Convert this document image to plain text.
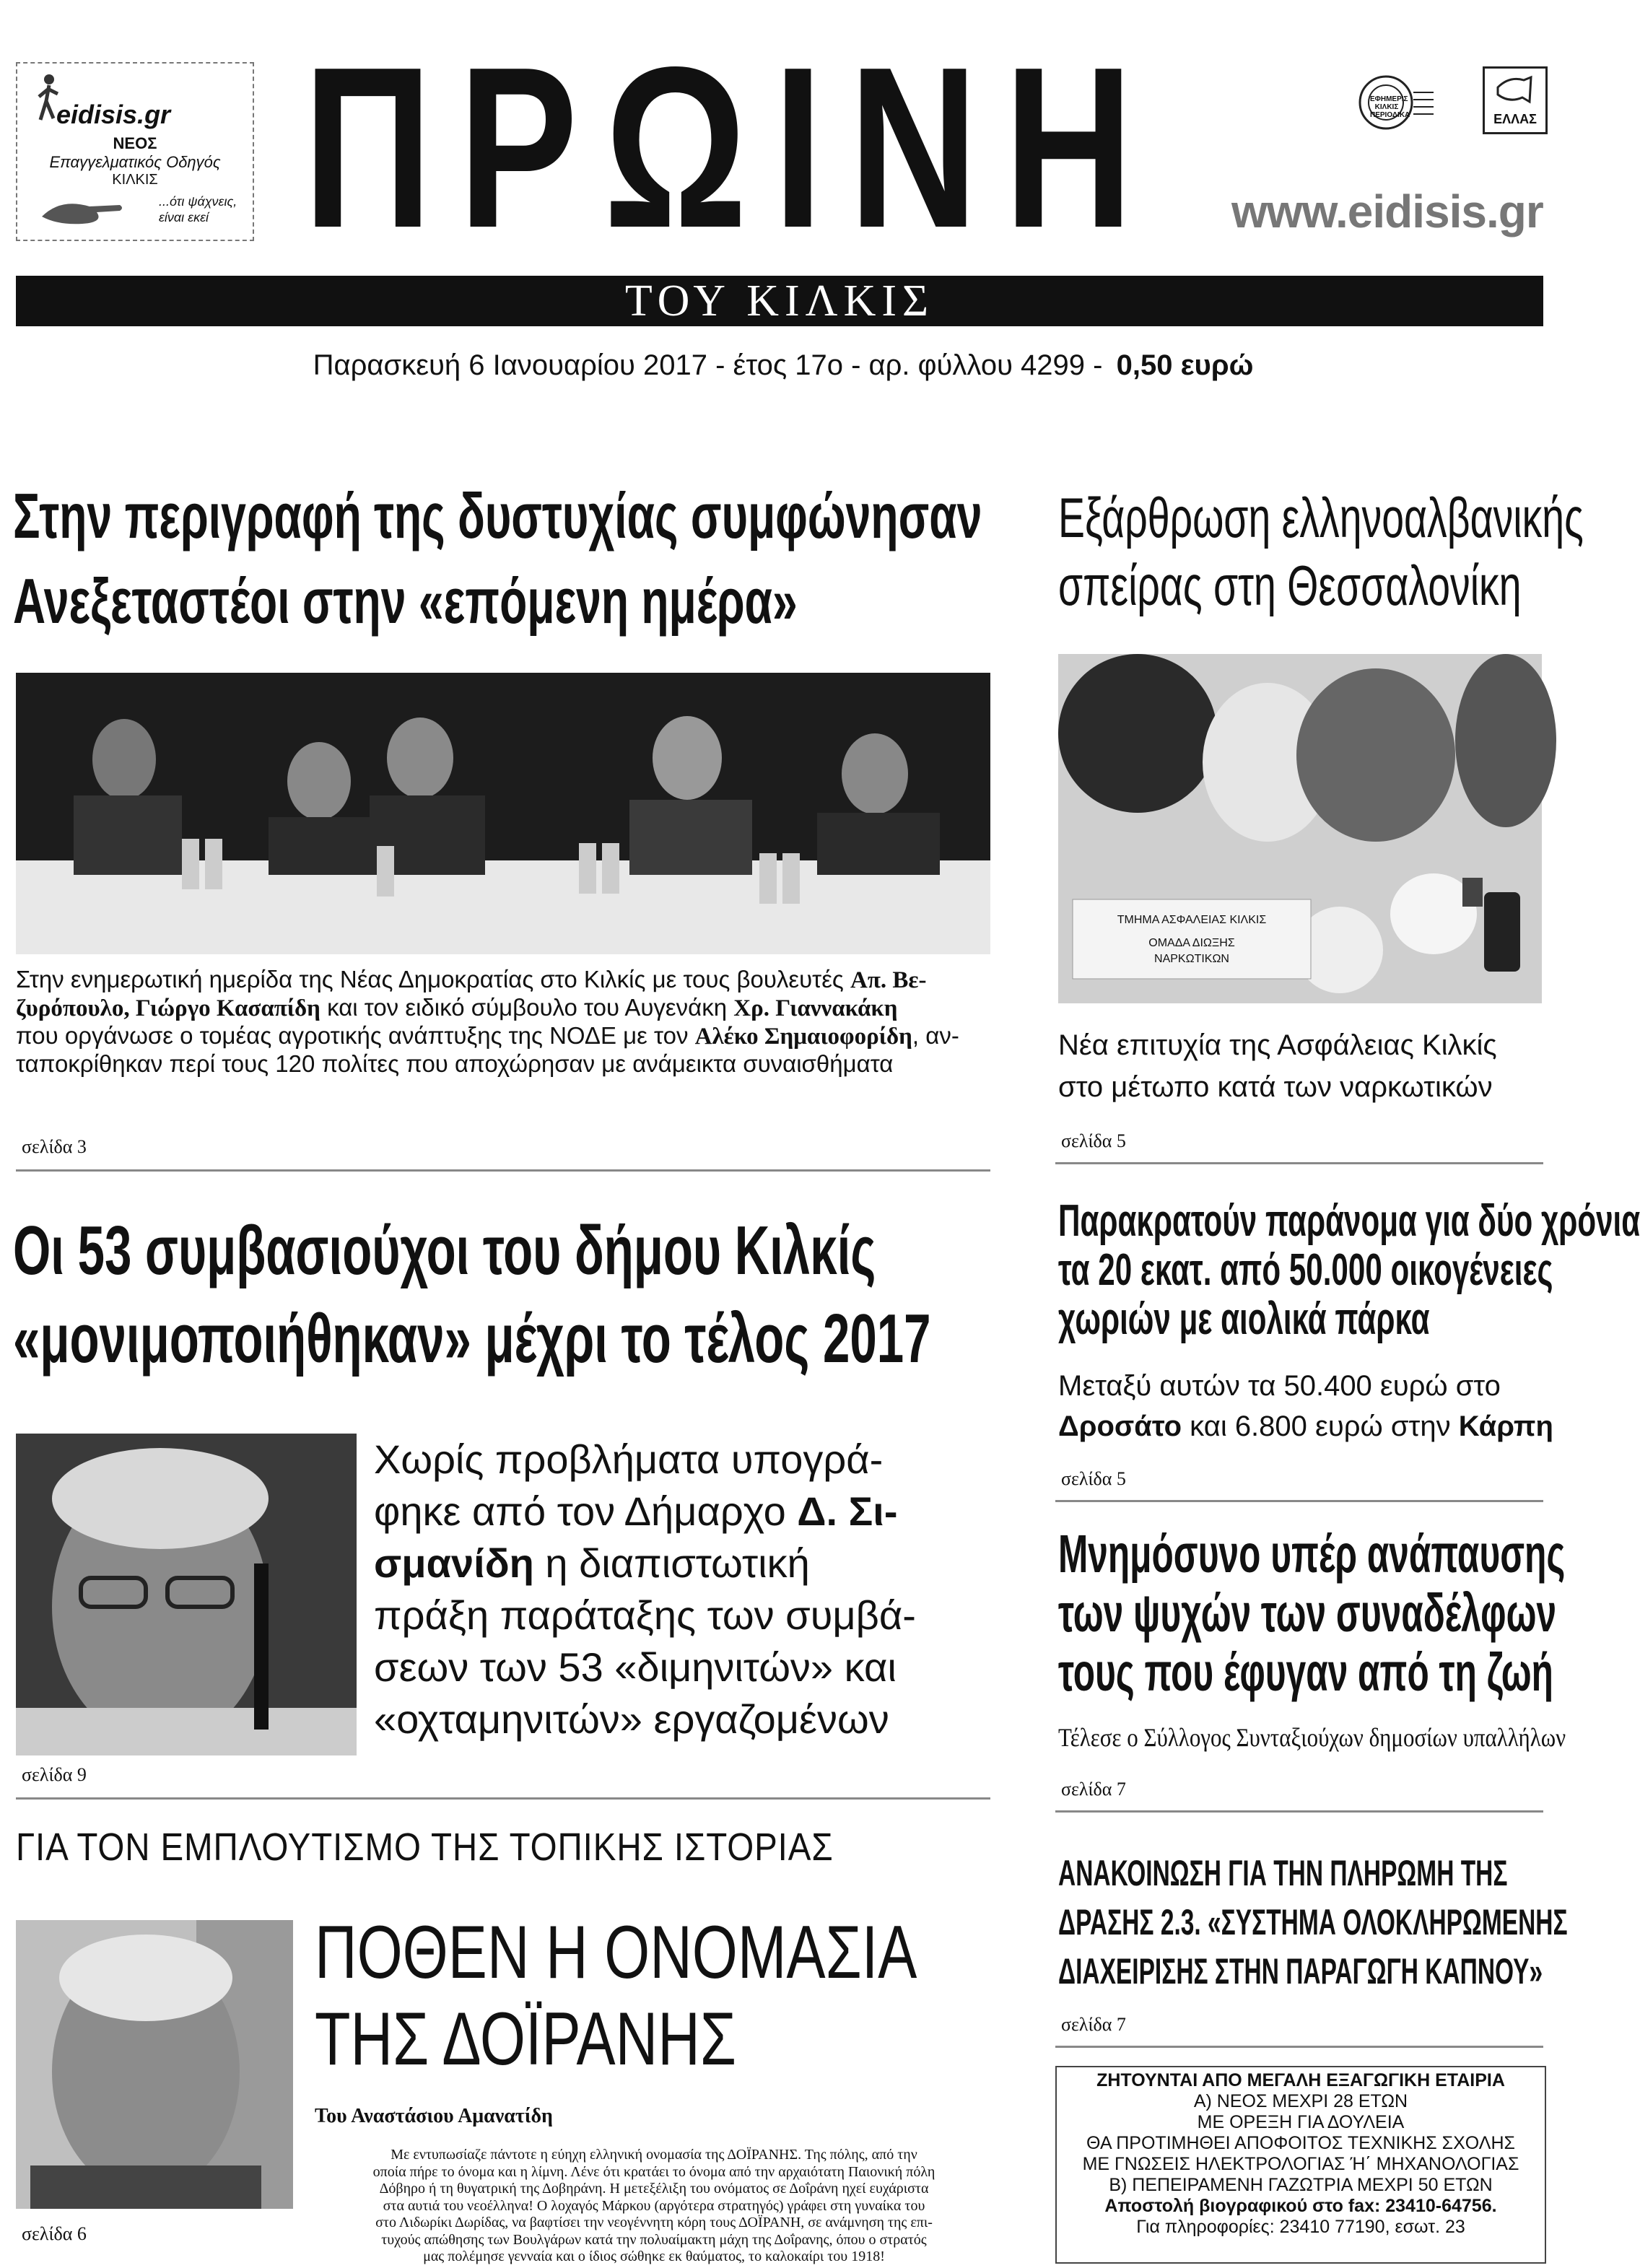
eidisis.gr
ΝΕΟΣ
Επαγγελματικός Οδηγός
ΚΙΛΚΙΣ
...ότι ψάχνεις, είναι εκεί ΠΡΩΙΝΗ	ΕΦΗΜΕΡΙΣ ΚΙΛΚΙΣ ΠΕΡΙΟΔΙΚΑ	ΕΛΛΑΣ
www.eidisis.gr
ΤΟΥ ΚΙΛΚΙΣ
Παρασκευή 6 Ιανουαρίου 2017 - έτος 17ο - αρ. φύλλου 4299 - 0,50 ευρώ
Στην περιγραφή της δυστυχίας συμφώνησαν
Ανεξεταστέοι στην «επόμενη ημέρα»
Στην ενημερωτική ημερίδα της Νέας Δημοκρατίας στο Κιλκίς με τους βουλευτές Απ. Βε-
ζυρόπουλο, Γιώργο Κασαπίδη και τον ειδικό σύμβουλο του Αυγενάκη Χρ. Γιαννακάκη
που οργάνωσε ο τομέας αγροτικής ανάπτυξης της ΝΟΔΕ με τον Αλέκο Σημαιοφορίδη, αν-
ταποκρίθηκαν περί τους 120 πολίτες που αποχώρησαν με ανάμεικτα συναισθήματα
σελίδα 3
Εξάρθρωση ελληνοαλβανικής
σπείρας στη Θεσσαλονίκη
ΤΜΗΜΑ ΑΣΦΑΛΕΙΑΣ ΚΙΛΚΙΣ
ΟΜΑΔΑ ΔΙΩΞΗΣ
ΝΑΡΚΩΤΙΚΩΝ
Νέα επιτυχία της Ασφάλειας Κιλκίς
στο μέτωπο κατά των ναρκωτικών
σελίδα 5
Οι 53 συμβασιούχοι του δήμου Κιλκίς
«μονιμοποιήθηκαν» μέχρι το τέλος 2017
Χωρίς προβλήματα υπογρά-
φηκε από τον Δήμαρχο Δ. Σι-
σμανίδη η διαπιστωτική
πράξη παράταξης των συμβά-
σεων των 53 «διμηνιτών» και
«οχταμηνιτών» εργαζομένων
σελίδα 9
Παρακρατούν παράνομα για δύο χρόνια
τα 20 εκατ. από 50.000 οικογένειες
χωριών με αιολικά πάρκα
Μεταξύ αυτών τα 50.400 ευρώ στο
Δροσάτο και 6.800 ευρώ στην Κάρπη
σελίδα 5
Μνημόσυνο υπέρ ανάπαυσης
των ψυχών των συναδέλφων
τους που έφυγαν από τη ζωή
Τέλεσε ο Σύλλογος Συνταξιούχων δημοσίων υπαλλήλων
σελίδα 7
ΓΙΑ ΤΟΝ ΕΜΠΛΟΥΤΙΣΜΟ ΤΗΣ ΤΟΠΙΚΗΣ ΙΣΤΟΡΙΑΣ
ΠΟΘΕΝ Η ΟΝΟΜΑΣΙΑ
ΤΗΣ ΔΟΪΡΑΝΗΣ
Του Αναστάσιου Αμανατίδη
Με εντυπωσίαζε πάντοτε η εύηχη ελληνική ονομασία της ΔΟΪΡΑΝΗΣ. Της πόλης, από την
οποία πήρε το όνομα και η λίμνη. Λένε ότι κρατάει το όνομα από την αρχαιότατη Παιονική πόλη
Δόβηρο ή τη θυγατρική της Δοβηράνη. Η μετεξέλιξη του ονόματος σε Δοΐράνη ηχεί ευχάριστα
στα αυτιά του νεοέλληνα! Ο λοχαγός Μάρκου (αργότερα στρατηγός) γράφει στη γυναίκα του
στο Λιδωρίκι Δωρίδας, να βαφτίσει την νεογέννητη κόρη τους ΔΟΪΡΑΝΗ, σε ανάμνηση της επι-
τυχούς απώθησης των Βουλγάρων κατά την πολυαίμακτη μάχη της Δοΐρανης, όπου ο στρατός
μας πολέμησε γενναία και ο ίδιος σώθηκε εκ θαύματος, το καλοκαίρι του 1918!
σελίδα 6
ΑΝΑΚΟΙΝΩΣΗ ΓΙΑ ΤΗΝ ΠΛΗΡΩΜΗ ΤΗΣ
ΔΡΑΣΗΣ 2.3. «ΣΥΣΤΗΜΑ ΟΛΟΚΛΗΡΩΜΕΝΗΣ
ΔΙΑΧΕΙΡΙΣΗΣ ΣΤΗΝ ΠΑΡΑΓΩΓΗ ΚΑΠΝΟΥ»
σελίδα 7
ΖΗΤΟΥΝΤΑΙ ΑΠΟ ΜΕΓΑΛΗ ΕΞΑΓΩΓΙΚΗ ΕΤΑΙΡΙΑ
Α) ΝΕΟΣ ΜΕΧΡΙ 28 ΕΤΩΝ
ΜΕ ΟΡΕΞΗ ΓΙΑ ΔΟΥΛΕΙΑ
ΘΑ ΠΡΟΤΙΜΗΘΕΙ ΑΠΟΦΟΙΤΟΣ ΤΕΧΝΙΚΗΣ ΣΧΟΛΗΣ
ΜΕ ΓΝΩΣΕΙΣ ΗΛΕΚΤΡΟΛΟΓΙΑΣ Ή΄ ΜΗΧΑΝΟΛΟΓΙΑΣ
Β) ΠΕΠΕΙΡΑΜΕΝΗ ΓΑΖΩΤΡΙΑ ΜΕΧΡΙ 50 ΕΤΩΝ
Αποστολή βιογραφικού στο fax: 23410-64756.
Για πληροφορίες: 23410 77190, εσωτ. 23
